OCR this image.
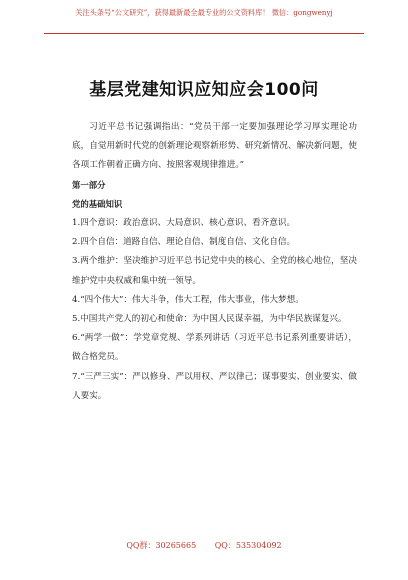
关注头条号“公文研究”，获得最新最全最专业的公文资料库！ 微信：gongwenyj
基层党建知识应知应会100问

习近平总书记强调指出：“党员干部一定要加强理论学习厚实理论功底，自觉用新时代党的创新理论观察新形势、研究新情况、解决新问题，使各项工作朝着正确方向、按照客观规律推进。”

第一部分

党的基础知识

1.四个意识：政治意识、大局意识、核心意识、看齐意识。

2.四个自信：道路自信、理论自信、制度自信、文化自信。

3.两个维护：坚决维护习近平总书记党中央的核心、全党的核心地位，坚决维护党中央权威和集中统一领导。

4.“四个伟大”：伟大斗争，伟大工程，伟大事业，伟大梦想。

5.中国共产党人的初心和使命：为中国人民谋幸福，为中华民族谋复兴。

6.“两学一做”：学党章党规、学系列讲话（习近平总书记系列重要讲话），做合格党员。

7.“三严三实”：严以修身、严以用权、严以律己；谋事要实、创业要实、做人要实。

QQ群：30265665 QQ：535304092
